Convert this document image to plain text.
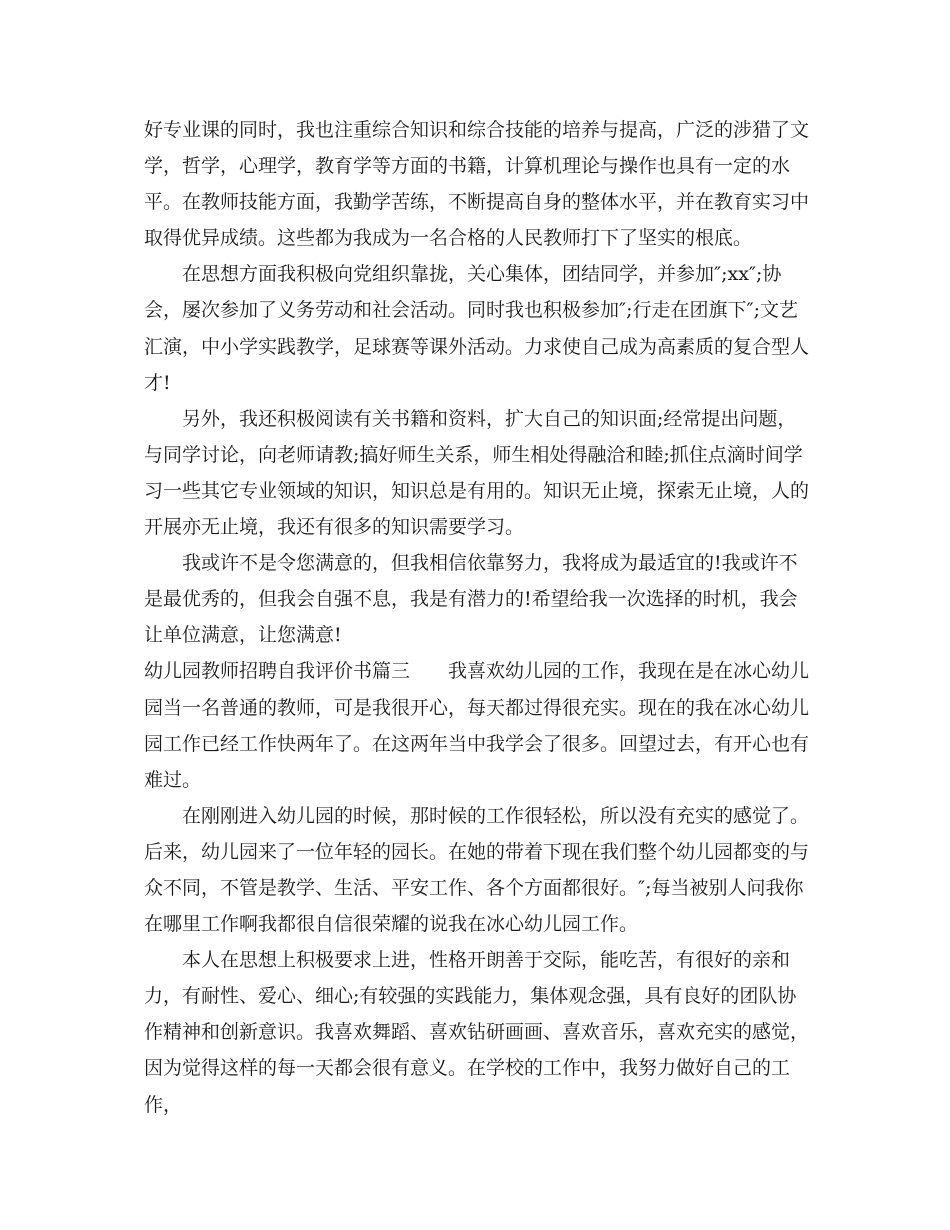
好专业课的同时，我也注重综合知识和综合技能的培养与提高，广泛的涉猎了文学，哲学，心理学，教育学等方面的书籍，计算机理论与操作也具有一定的水平。在教师技能方面，我勤学苦练，不断提高自身的整体水平，并在教育实习中取得优异成绩。这些都为我成为一名合格的人民教师打下了坚实的根底。

在思想方面我积极向党组织靠拢，关心集体，团结同学，并参加″;xx″;协会，屡次参加了义务劳动和社会活动。同时我也积极参加″;行走在团旗下″;文艺汇演，中小学实践教学，足球赛等课外活动。力求使自己成为高素质的复合型人才!

另外，我还积极阅读有关书籍和资料，扩大自己的知识面;经常提出问题，与同学讨论，向老师请教;搞好师生关系，师生相处得融洽和睦;抓住点滴时间学习一些其它专业领域的知识，知识总是有用的。知识无止境，探索无止境，人的开展亦无止境，我还有很多的知识需要学习。

我或许不是令您满意的，但我相信依靠努力，我将成为最适宜的!我或许不是最优秀的，但我会自强不息，我是有潜力的!希望给我一次选择的时机，我会让单位满意，让您满意!

幼儿园教师招聘自我评价书篇三　　我喜欢幼儿园的工作，我现在是在冰心幼儿园当一名普通的教师，可是我很开心，每天都过得很充实。现在的我在冰心幼儿园工作已经工作快两年了。在这两年当中我学会了很多。回望过去，有开心也有难过。

在刚刚进入幼儿园的时候，那时候的工作很轻松，所以没有充实的感觉了。后来，幼儿园来了一位年轻的园长。在她的带着下现在我们整个幼儿园都变的与众不同，不管是教学、生活、平安工作、各个方面都很好。″;每当被别人问我你在哪里工作啊我都很自信很荣耀的说我在冰心幼儿园工作。

本人在思想上积极要求上进，性格开朗善于交际，能吃苦，有很好的亲和力，有耐性、爱心、细心;有较强的实践能力，集体观念强，具有良好的团队协作精神和创新意识。我喜欢舞蹈、喜欢钻研画画、喜欢音乐，喜欢充实的感觉，因为觉得这样的每一天都会很有意义。在学校的工作中，我努力做好自己的工作，
